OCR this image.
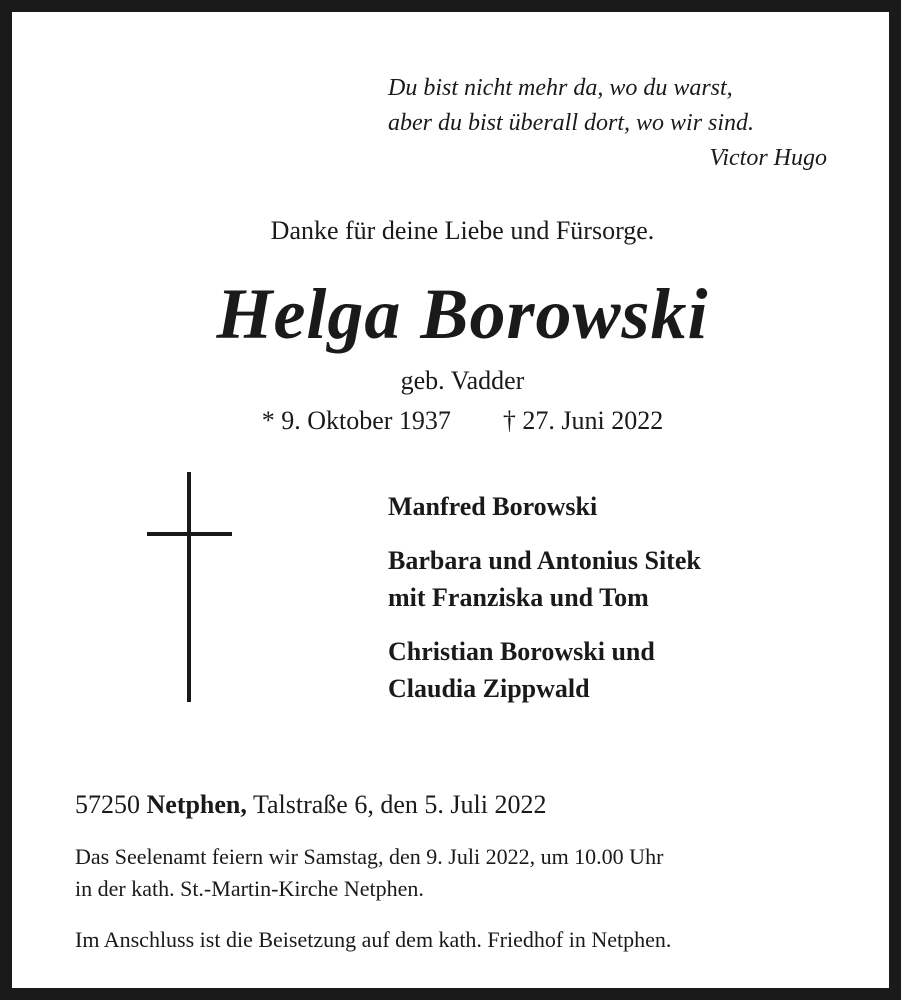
Du bist nicht mehr da, wo du warst,
aber du bist überall dort, wo wir sind.
Victor Hugo
Danke für deine Liebe und Fürsorge.
Helga Borowski
geb. Vadder
* 9. Oktober 1937 † 27. Juni 2022
Manfred Borowski
Barbara und Antonius Sitek
mit Franziska und Tom
Christian Borowski und
Claudia Zippwald
57250 Netphen, Talstraße 6, den 5. Juli 2022
Das Seelenamt feiern wir Samstag, den 9. Juli 2022, um 10.00 Uhr
in der kath. St.-Martin-Kirche Netphen.
Im Anschluss ist die Beisetzung auf dem kath. Friedhof in Netphen.
